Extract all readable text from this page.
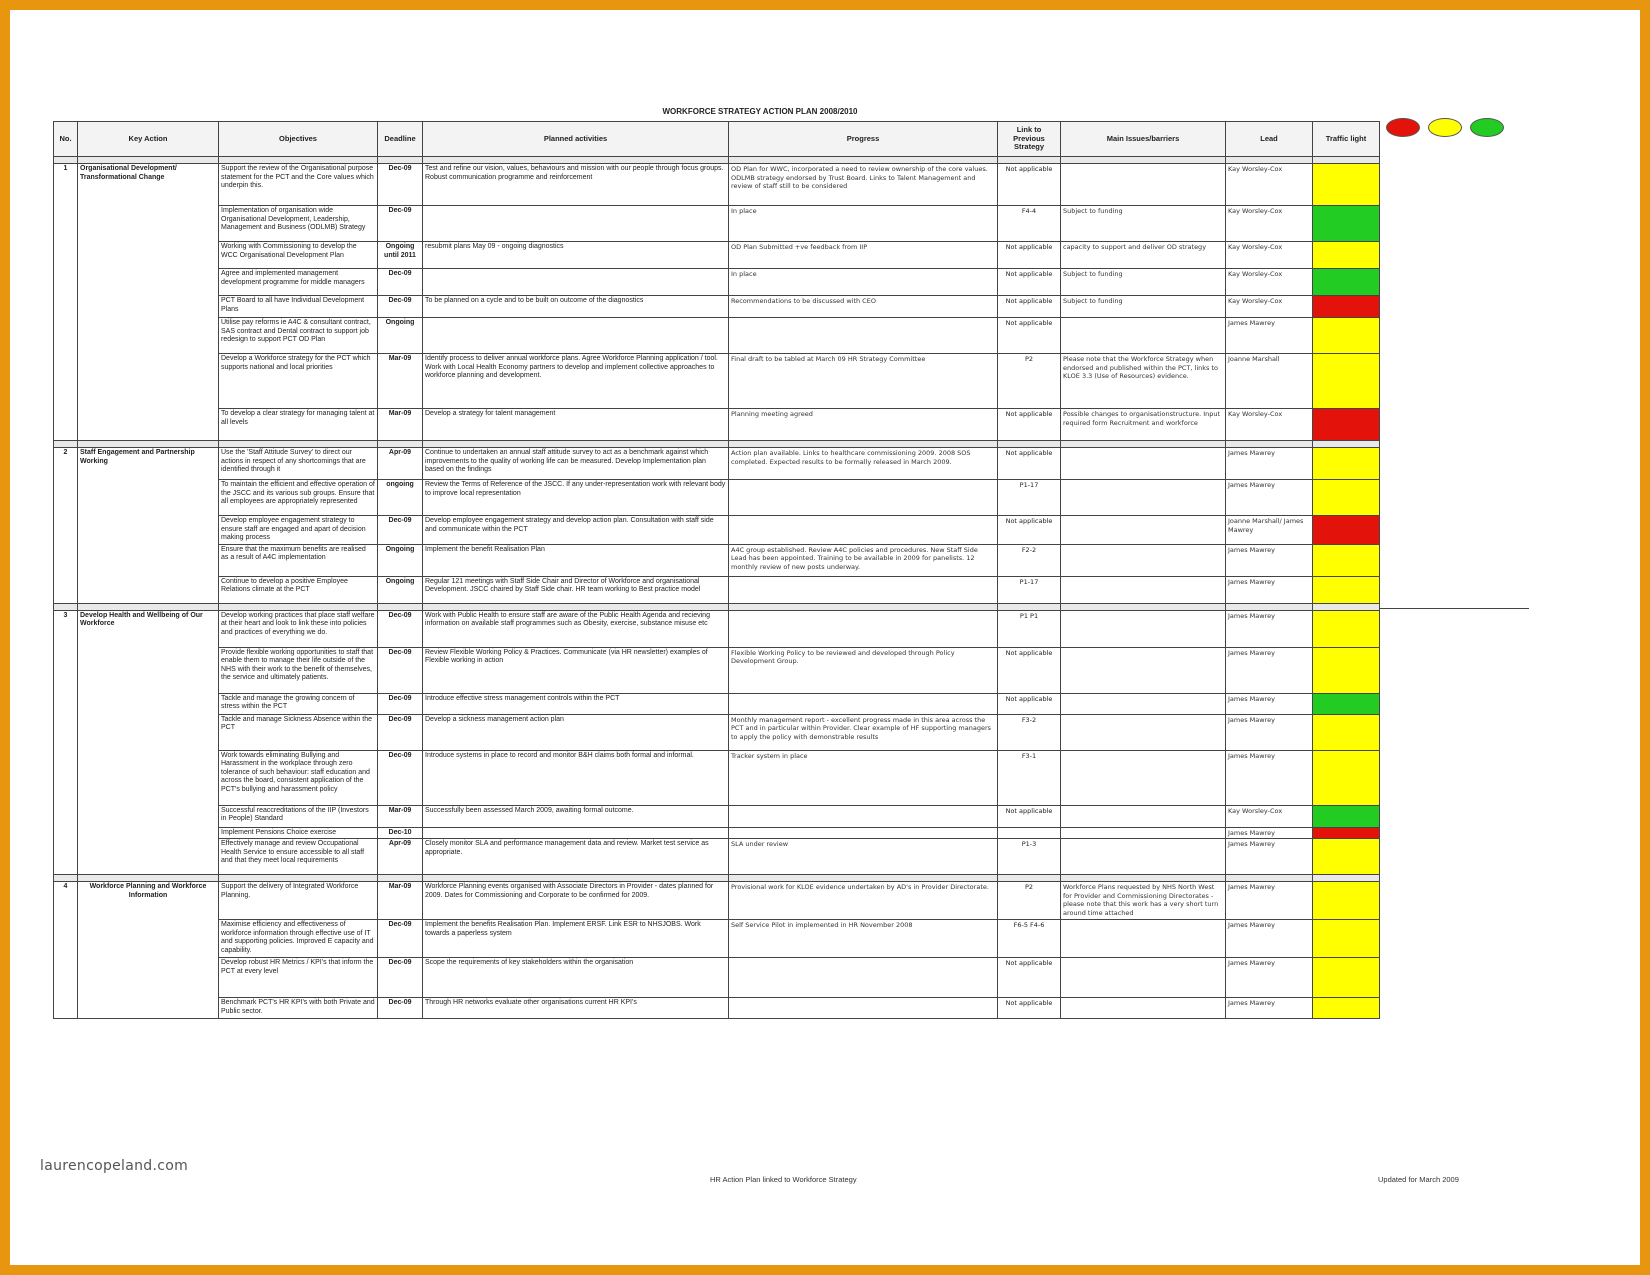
WORKFORCE STRATEGY ACTION PLAN 2008/2010
No.	Key Action	Objectives	Deadline	Planned activities	Progress	Link to Previous Strategy	Main Issues/barriers	Lead	Traffic light

1	Organisational Development/ Transformational Change	Support the review of the Organisational purpose statement for the PCT and the Core values which underpin this.	Dec-09	Test and refine our vision, values, behaviours and mission with our people through focus groups. Robust communication programme and reinforcement	OD Plan for WWC, incorporated a need to review ownership of the core values. ODLMB strategy endorsed by Trust Board. Links to Talent Management and review of staff still to be considered	Not applicable		Kay Worsley-Cox	
		Implementation of organisation wide Organisational Development, Leadership, Management and Business (ODLMB) Strategy	Dec-09		In place	F4-4	Subject to funding	Kay Worsley-Cox	
		Working with Commissioning to develop the WCC Organisational Development Plan	Ongoing until 2011	resubmit plans May 09 - ongoing diagnostics	OD Plan Submitted +ve feedback from IIP	Not applicable	capacity to support and deliver OD strategy	Kay Worsley-Cox	
		Agree and implemented management development programme for middle managers	Dec-09		In place	Not applicable	Subject to funding	Kay Worsley-Cox	
		PCT Board to all have Individual Development Plans	Dec-09	To be planned on a cycle and to be built on outcome of the diagnostics	Recommendations to be discussed with CEO	Not applicable	Subject to funding	Kay Worsley-Cox	
		Utilise pay reforms ie A4C & consultant contract, SAS contract and Dental contract to support job redesign to support PCT OD Plan	Ongoing			Not applicable		James Mawrey	
		Develop a Workforce strategy for the PCT which supports national and local priorities	Mar-09	Identify process to deliver annual workforce plans. Agree Workforce Planning application / tool. Work with Local Health Economy partners to develop and implement collective approaches to workforce planning and development.	Final draft to be tabled at March 09 HR Strategy Committee	P2	Please note that the Workforce Strategy when endorsed and published within the PCT, links to KLOE 3.3 (Use of Resources) evidence.	Joanne Marshall	
		To develop a clear strategy for managing talent at all levels	Mar-09	Develop a strategy for talent management	Planning meeting agreed	Not applicable	Possible changes to organisationstructure. Input required form Recruitment and workforce	Kay Worsley-Cox	

2	Staff Engagement and Partnership Working	Use the 'Staff Attitude Survey' to direct our actions in respect of any shortcomings that are identified through it	Apr-09	Continue to undertaken an annual staff attitude survey to act as a benchmark against which improvements to the quality of working life can be measured. Develop Implementation plan based on the findings	Action plan available. Links to healthcare commissioning 2009. 2008 SOS completed. Expected results to be formally released in March 2009.	Not applicable		James Mawrey	
		To maintain the efficient and effective operation of the JSCC and its various sub groups. Ensure that all employees are appropriately represented	ongoing	Review the Terms of Reference of the JSCC. If any under-representation work with relevant body to improve local representation		P1-17		James Mawrey	
		Develop employee engagement strategy to ensure staff are engaged and apart of decision making process	Dec-09	Develop employee engagement strategy and develop action plan. Consultation with staff side and communicate within the PCT		Not applicable		Joanne Marshall/ James Mawrey	
		Ensure that the maximum benefits are realised as a result of A4C implementation	Ongoing	Implement the benefit Realisation Plan	A4C group established. Review A4C policies and procedures. New Staff Side Lead has been appointed. Training to be available in 2009 for panelists. 12 monthly review of new posts underway.	F2-2		James Mawrey	
		Continue to develop a positive Employee Relations climate at the PCT	Ongoing	Regular 121 meetings with Staff Side Chair and Director of Workforce and organisational Development. JSCC chaired by Staff Side chair. HR team working to Best practice model		P1-17		James Mawrey	

3	Develop Health and Wellbeing of Our Workforce	Develop working practices that place staff welfare at their heart and look to link these into policies and practices of everything we do.	Dec-09	Work with Public Health to ensure staff are aware of the Public Health Agenda and recieving information on available staff programmes such as Obesity, exercise, substance misuse etc		P1 P1		James Mawrey	
		Provide flexible working opportunities to staff that enable them to manage their life outside of the NHS with their work to the benefit of themselves, the service and ultimately patients.	Dec-09	Review Flexible Working Policy & Practices. Communicate (via HR newsletter) examples of Flexible working in action	Flexible Working Policy to be reviewed and developed through Policy Development Group.	Not applicable		James Mawrey	
		Tackle and manage the growing concern of stress within the PCT	Dec-09	Introduce effective stress management controls within the PCT		Not applicable		James Mawrey	
		Tackle and manage Sickness Absence within the PCT	Dec-09	Develop a sickness management action plan	Monthly management report - excellent progress made in this area across the PCT and in particular within Provider. Clear example of HF supporting managers to apply the policy with demonstrable results	F3-2		James Mawrey	
		Work towards eliminating Bullying and Harassment in the workplace through zero tolerance of such behaviour: staff education and across the board, consistent application of the PCT's bullying and harassment policy	Dec-09	Introduce systems in place to record and monitor B&H claims both formal and informal.	Tracker system in place	F3-1		James Mawrey	
		Successful reaccreditations of the IIP (Investors in People) Standard	Mar-09	Successfully been assessed March 2009, awaiting formal outcome.		Not applicable		Kay Worsley-Cox	
		Implement Pensions Choice exercise	Dec-10					James Mawrey	
		Effectively manage and review Occupational Health Service to ensure accessible to all staff and that they meet local requirements	Apr-09	Closely monitor SLA and performance management data and review. Market test service as appropriate.	SLA under review	P1-3		James Mawrey	

4	Workforce Planning and Workforce Information	Support the delivery of Integrated Workforce Planning.	Mar-09	Workforce Planning events organised with Associate Directors in Provider - dates planned for 2009. Dates for Commissioning and Corporate to be confirmed for 2009.	Provisional work for KLOE evidence undertaken by AD's in Provider Directorate.	P2	Workforce Plans requested by NHS North West for Provider and Commissioning Directorates - please note that this work has a very short turn around time attached	James Mawrey	
		Maximise efficiency and effectiveness of workforce information through effective use of IT and supporting policies. Improved E capacity and capability.	Dec-09	Implement the benefits Realisation Plan. Implement ERSF. Link ESR to NHSJOBS. Work towards a paperless system	Self Service Pilot in implemented in HR November 2008	F6-5 F4-6		James Mawrey	
		Develop robust HR Metrics / KPI's that inform the PCT at every level	Dec-09	Scope the requirements of key stakeholders within the organisation		Not applicable		James Mawrey	
		Benchmark PCT's HR KPI's with both Private and Public sector.	Dec-09	Through HR networks evaluate other organisations current HR KPI's		Not applicable		James Mawrey	
laurencopeland.com
HR Action Plan linked to Workforce Strategy	Updated for March 2009
